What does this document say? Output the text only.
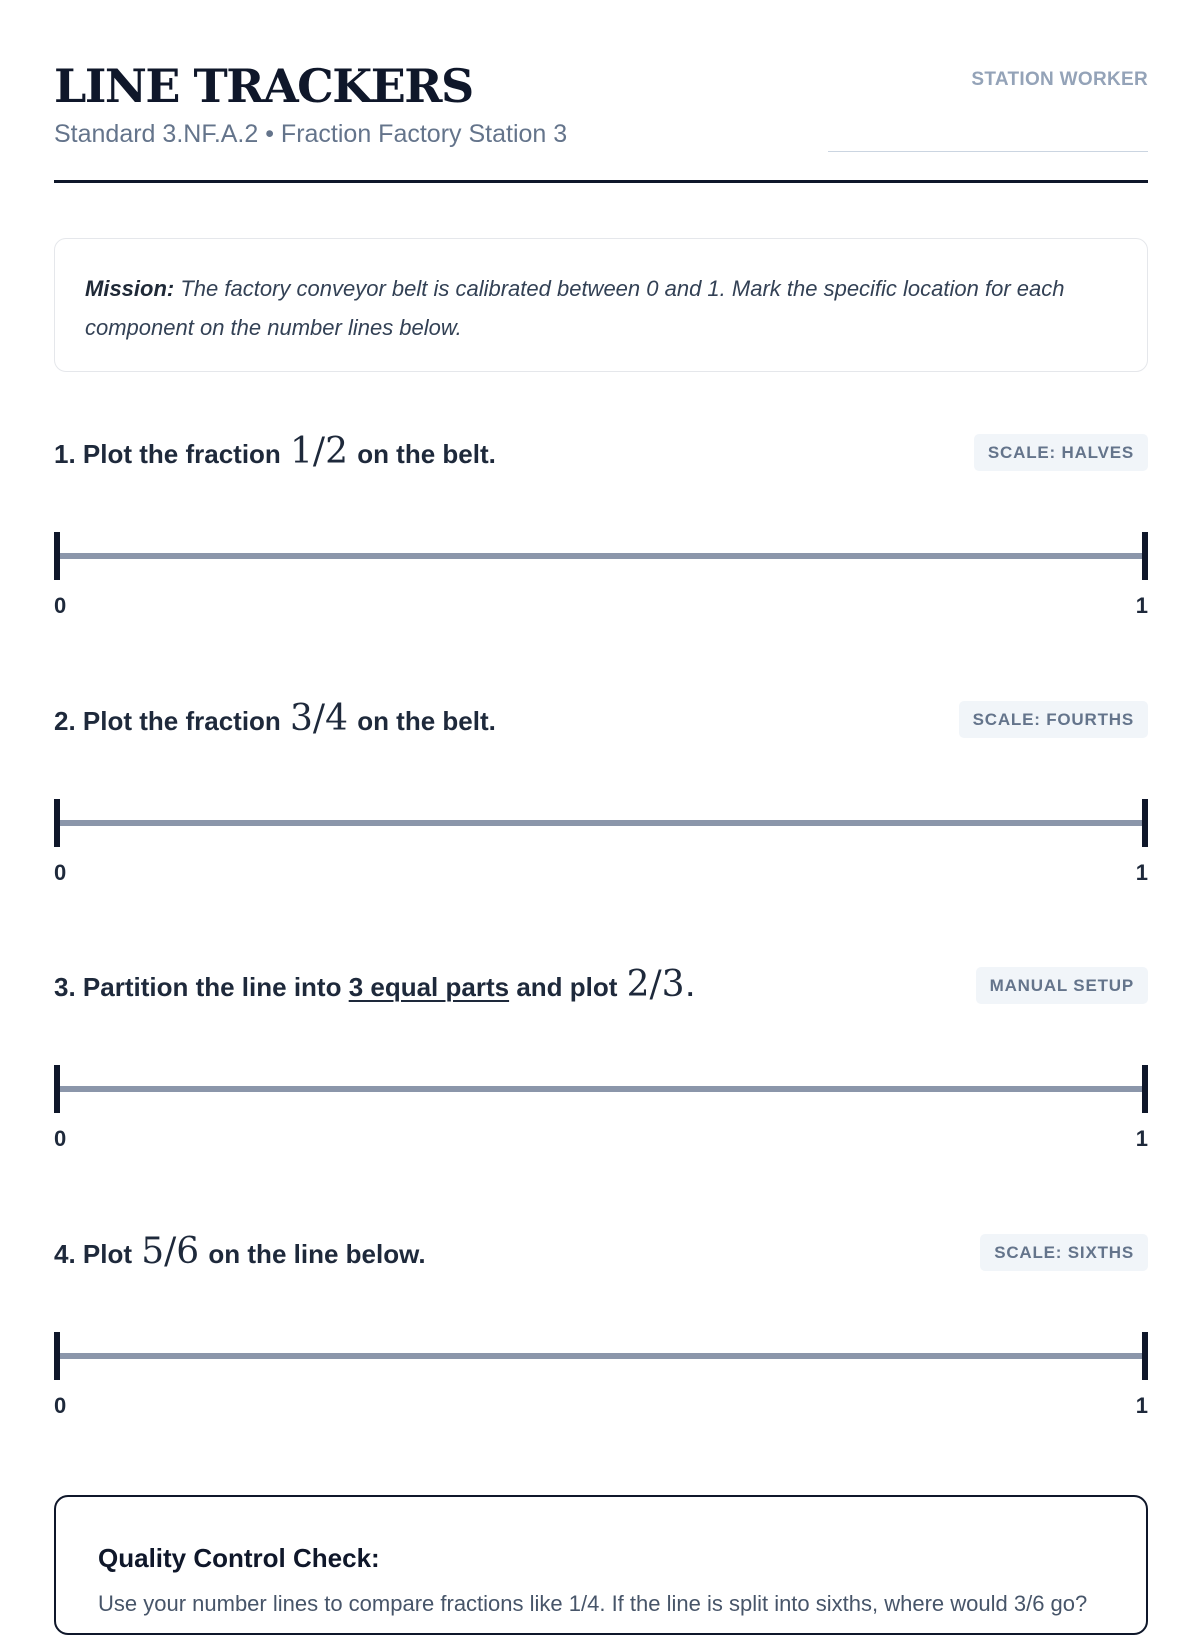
LINE TRACKERS
Standard 3.NF.A.2 • Fraction Factory Station 3
STATION WORKER
Mission: The factory conveyor belt is calibrated between 0 and 1. Mark the specific location for each component on the number lines below.
1. Plot the fraction 1/2 on the belt.	SCALE: HALVES
0	1
2. Plot the fraction 3/4 on the belt.	SCALE: FOURTHS
0	1
3. Partition the line into 3 equal parts and plot 2/3.	MANUAL SETUP
0	1
4. Plot 5/6 on the line below.	SCALE: SIXTHS
0	1
Quality Control Check:
Use your number lines to compare fractions like 1/4. If the line is split into sixths, where would 3/6 go?
